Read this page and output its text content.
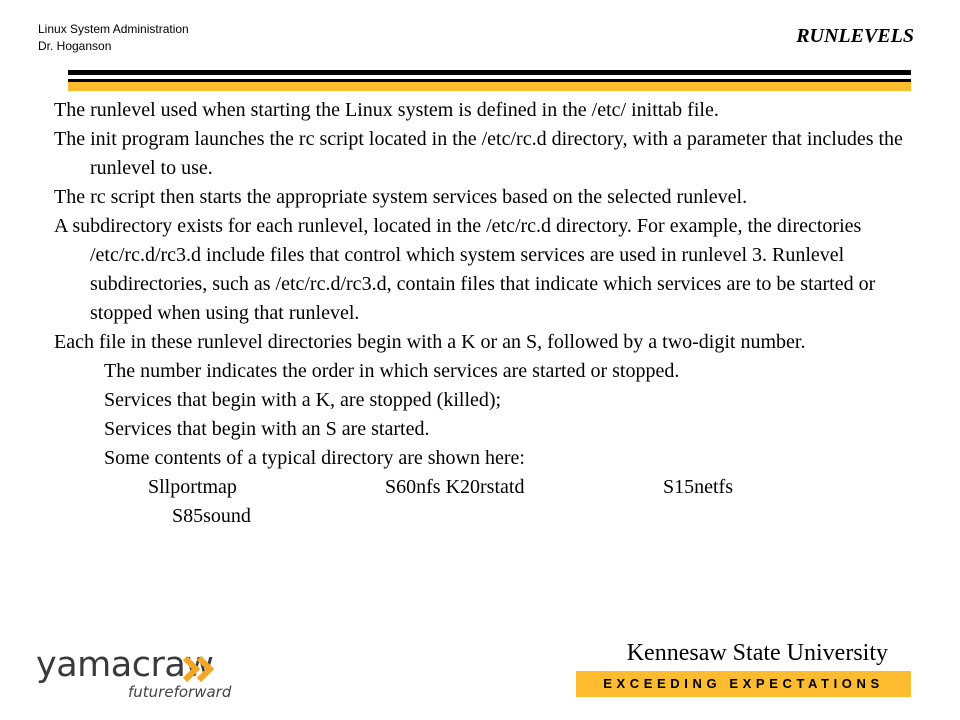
Linux System Administration
Dr. Hoganson	RUNLEVELS

The runlevel used when starting the Linux system is defined in the /etc/ inittab file.

The init program launches the rc script located in the /etc/rc.d directory, with a parameter that includes the runlevel to use.

The rc script then starts the appropriate system services based on the selected runlevel.

A subdirectory exists for each runlevel, located in the /etc/rc.d directory. For example, the directories /etc/rc.d/rc3.d include files that control which system services are used in runlevel 3. Runlevel subdirectories, such as /etc/rc.d/rc3.d, contain files that indicate which services are to be started or stopped when using that runlevel.

Each file in these runlevel directories begin with a K or an S, followed by a two-digit number.

The number indicates the order in which services are started or stopped.

Services that begin with a K, are stopped (killed);

Services that begin with an S are started.

Some contents of a typical directory are shown here:

Sllportmap	S60nfs K20rstatd	S15netfs

S85sound

yamacraw
futureforward
Kennesaw State University
EXCEEDING EXPECTATIONS
